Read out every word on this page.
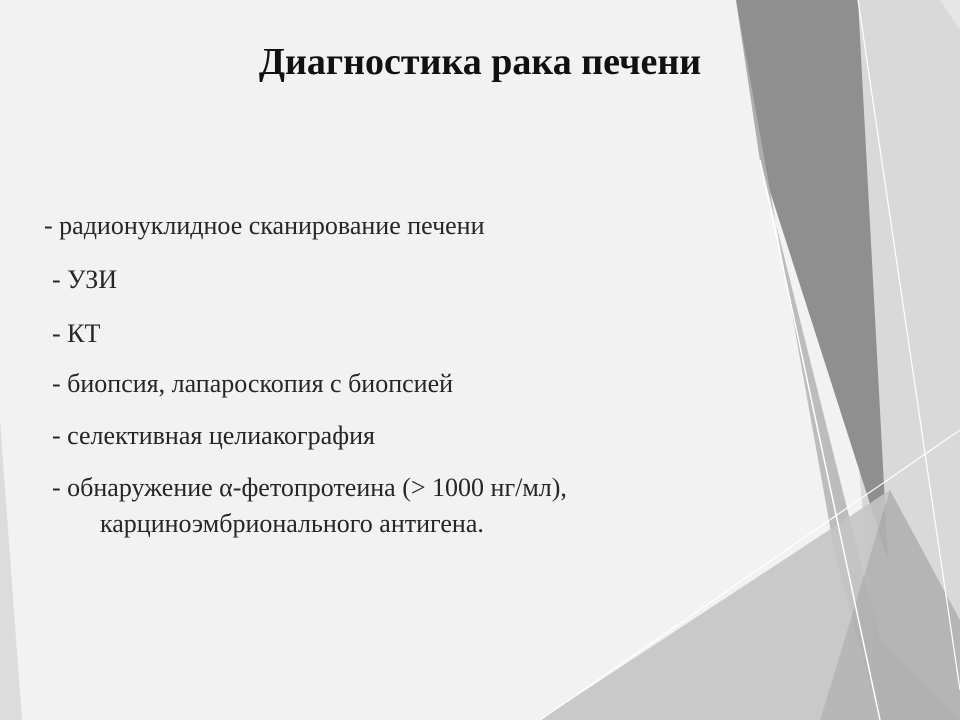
Диагностика рака печени
- радионуклидное сканирование печени
- УЗИ
- КТ
- биопсия, лапароскопия с биопсией
- селективная целиакография
- обнаружение α-фетопротеина (> 1000 нг/мл),
карциноэмбрионального антигена.
